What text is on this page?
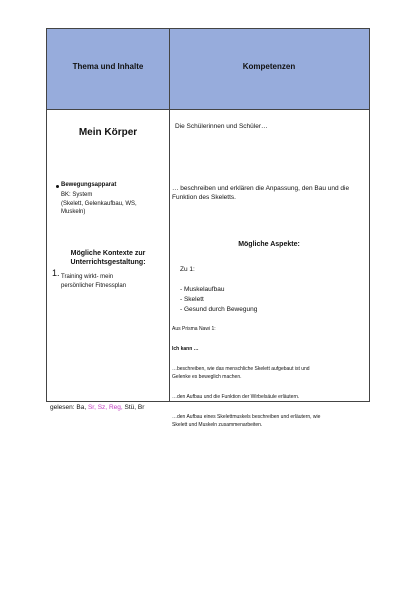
Thema und Inhalte	Kompetenzen
Mein Körper
Bewegungsapparat
BK: System
(Skelett, Gelenkaufbau, WS,
Muskeln)
Mögliche Kontexte zur
Unterrichtsgestaltung:
1. Training wirkt- mein
persönlicher Fitnessplan
Die Schülerinnen und Schüler…
… beschreiben und erklären die Anpassung, den Bau und die
Funktion des Skeletts.
Mögliche Aspekte:
Zu 1:
- Muskelaufbau
- Skelett
- Gesund durch Bewegung
Aus Prisma Nawi 1:
Ich kann …
…beschreiben, wie das menschliche Skelett aufgebaut ist und
Gelenke es beweglich machen.
…den Aufbau und die Funktion der Wirbelsäule erläutern.
…den Aufbau eines Skelettmuskels beschreiben und erläutern, wie
Skelett und Muskeln zusammenarbeiten.
gelesen: Ba, Sr, Sz, Reg, Stü, Br
